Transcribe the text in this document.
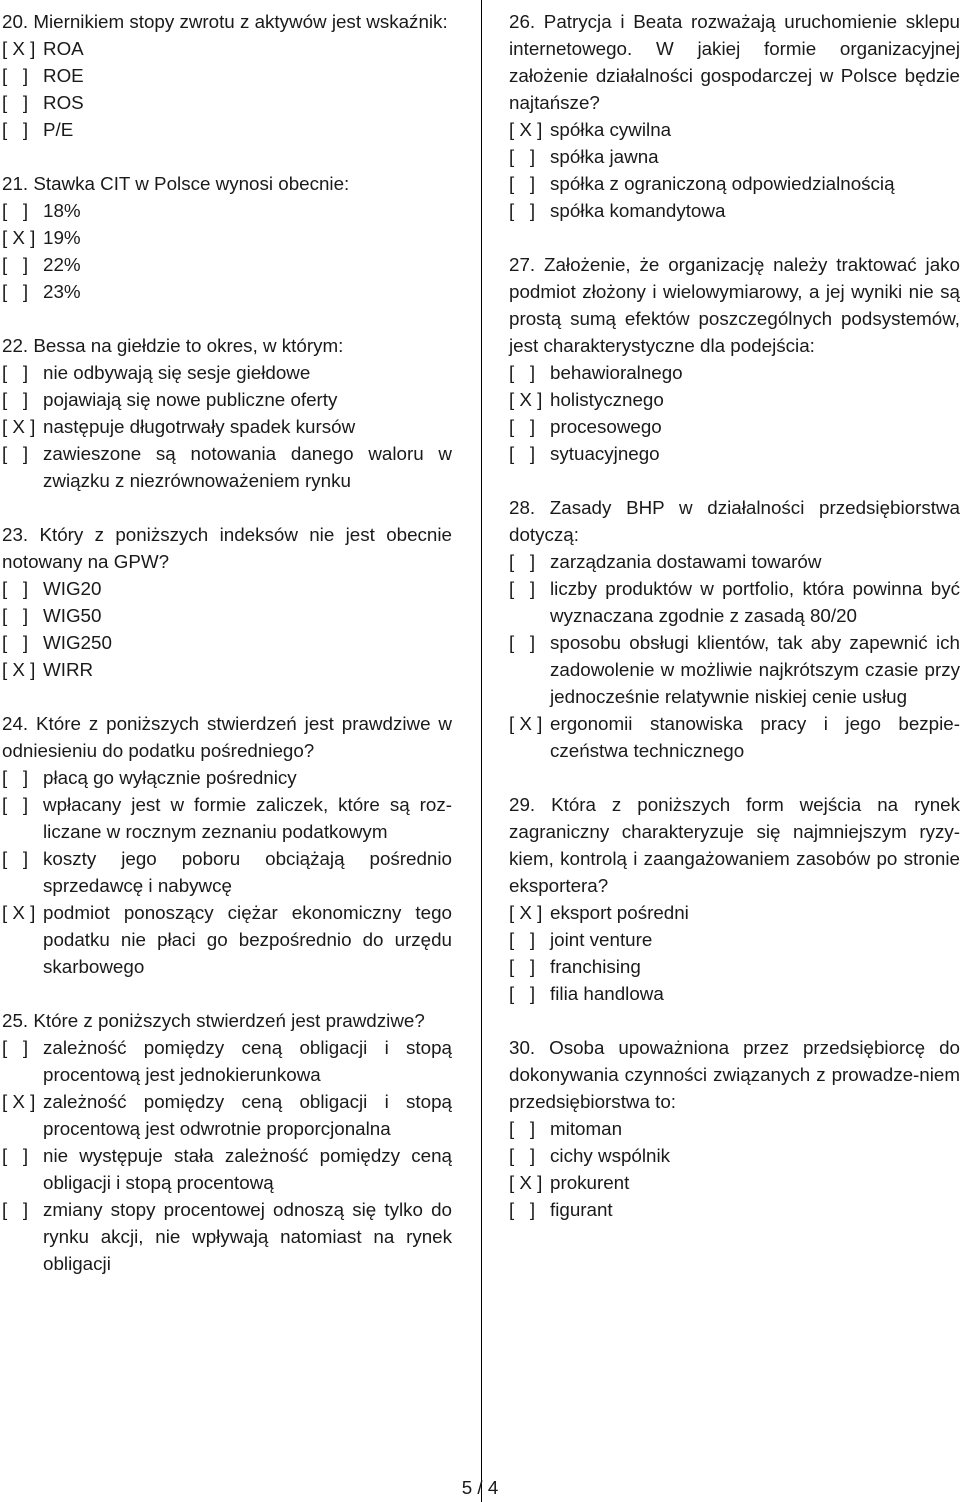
20. Miernikiem stopy zwrotu z aktywów jest wskaźnik:

[ X ] ROA
[   ] ROE
[   ] ROS
[   ] P/E

21. Stawka CIT w Polsce wynosi obecnie:

[   ] 18%
[ X ] 19%
[   ] 22%
[   ] 23%

22. Bessa na giełdzie to okres, w którym:

[   ] nie odbywają się sesje giełdowe
[   ] pojawiają się nowe publiczne oferty
[ X ] następuje długotrwały spadek kursów
[   ] zawieszone są notowania danego waloru w związku z niezrównoważeniem rynku

23. Który z poniższych indeksów nie jest obecnie notowany na GPW?

[   ] WIG20
[   ] WIG50
[   ] WIG250
[ X ] WIRR

24. Które z poniższych stwierdzeń jest prawdziwe w odniesieniu do podatku pośredniego?

[   ] płacą go wyłącznie pośrednicy
[   ] wpłacany jest w formie zaliczek, które są roz-liczane w rocznym zeznaniu podatkowym
[   ] koszty jego poboru obciążają pośrednio sprzedawcę i nabywcę
[ X ] podmiot ponoszący ciężar ekonomiczny tego podatku nie płaci go bezpośrednio do urzędu skarbowego

25. Które z poniższych stwierdzeń jest prawdziwe?

[   ] zależność pomiędzy ceną obligacji i stopą procentową jest jednokierunkowa
[ X ] zależność pomiędzy ceną obligacji i stopą procentową jest odwrotnie proporcjonalna
[   ] nie występuje stała zależność pomiędzy ceną obligacji i stopą procentową
[   ] zmiany stopy procentowej odnoszą się tylko do rynku akcji, nie wpływają natomiast na rynek obligacji

26. Patrycja i Beata rozważają uruchomienie sklepu internetowego. W jakiej formie organizacyjnej założenie działalności gospodarczej w Polsce będzie najtańsze?

[ X ] spółka cywilna
[   ] spółka jawna
[   ] spółka z ograniczoną odpowiedzialnością
[   ] spółka komandytowa

27. Założenie, że organizację należy traktować jako podmiot złożony i wielowymiarowy, a jej wyniki nie są prostą sumą efektów poszczególnych podsystemów, jest charakterystyczne dla podejścia:

[   ] behawioralnego
[ X ] holistycznego
[   ] procesowego
[   ] sytuacyjnego

28. Zasady BHP w działalności przedsiębiorstwa dotyczą:

[   ] zarządzania dostawami towarów
[   ] liczby produktów w portfolio, która powinna być wyznaczana zgodnie z zasadą 80/20
[   ] sposobu obsługi klientów, tak aby zapewnić ich zadowolenie w możliwie najkrótszym czasie przy jednocześnie relatywnie niskiej cenie usług
[ X ] ergonomii stanowiska pracy i jego bezpie-czeństwa technicznego

29. Która z poniższych form wejścia na rynek zagraniczny charakteryzuje się najmniejszym ryzy-kiem, kontrolą i zaangażowaniem zasobów po stronie eksportera?

[ X ] eksport pośredni
[   ] joint venture
[   ] franchising
[   ] filia handlowa

30. Osoba upoważniona przez przedsiębiorcę do dokonywania czynności związanych z prowadze-niem przedsiębiorstwa to:

[   ] mitoman
[   ] cichy wspólnik
[ X ] prokurent
[   ] figurant
5 / 4
